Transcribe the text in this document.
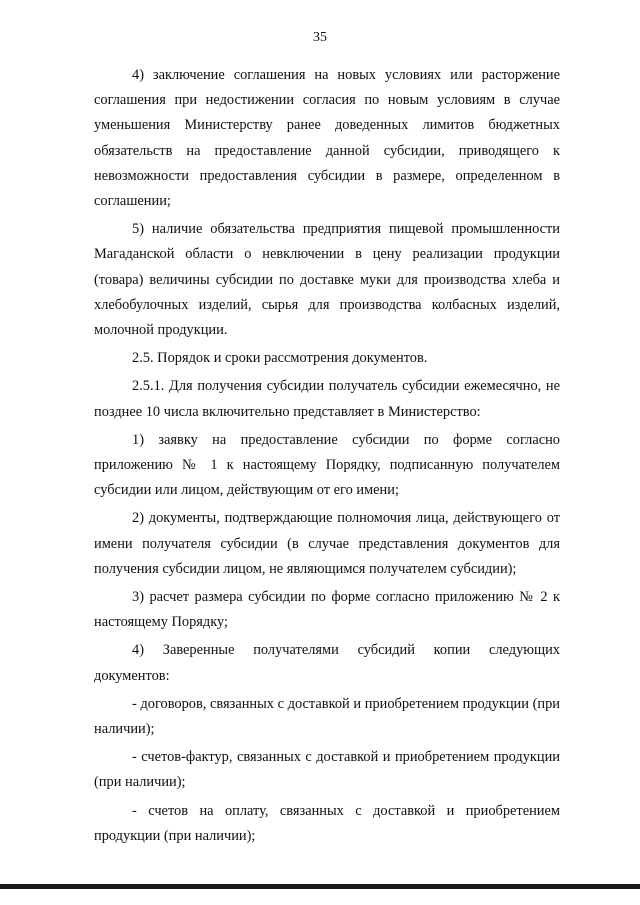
35

4) заключение соглашения на новых условиях или расторжение соглашения при недостижении согласия по новым условиям в случае уменьшения Министерству ранее доведенных лимитов бюджетных обязательств на предоставление данной субсидии, приводящего к невозможности предоставления субсидии в размере, определенном в соглашении;

5) наличие обязательства предприятия пищевой промышленности Магаданской области о невключении в цену реализации продукции (товара) величины субсидии по доставке муки для производства хлеба и хлебобулочных изделий, сырья для производства колбасных изделий, молочной продукции.

2.5. Порядок и сроки рассмотрения документов.

2.5.1. Для получения субсидии получатель субсидии ежемесячно, не позднее 10 числа включительно представляет в Министерство:

1) заявку на предоставление субсидии по форме согласно приложению № 1 к настоящему Порядку, подписанную получателем субсидии или лицом, действующим от его имени;

2) документы, подтверждающие полномочия лица, действующего от имени получателя субсидии (в случае представления документов для получения субсидии лицом, не являющимся получателем субсидии);

3) расчет размера субсидии по форме согласно приложению № 2 к настоящему Порядку;

4) Заверенные получателями субсидий копии следующих документов:

- договоров, связанных с доставкой и приобретением продукции (при наличии);

- счетов-фактур, связанных с доставкой и приобретением продукции (при наличии);

- счетов на оплату, связанных с доставкой и приобретением продукции (при наличии);
